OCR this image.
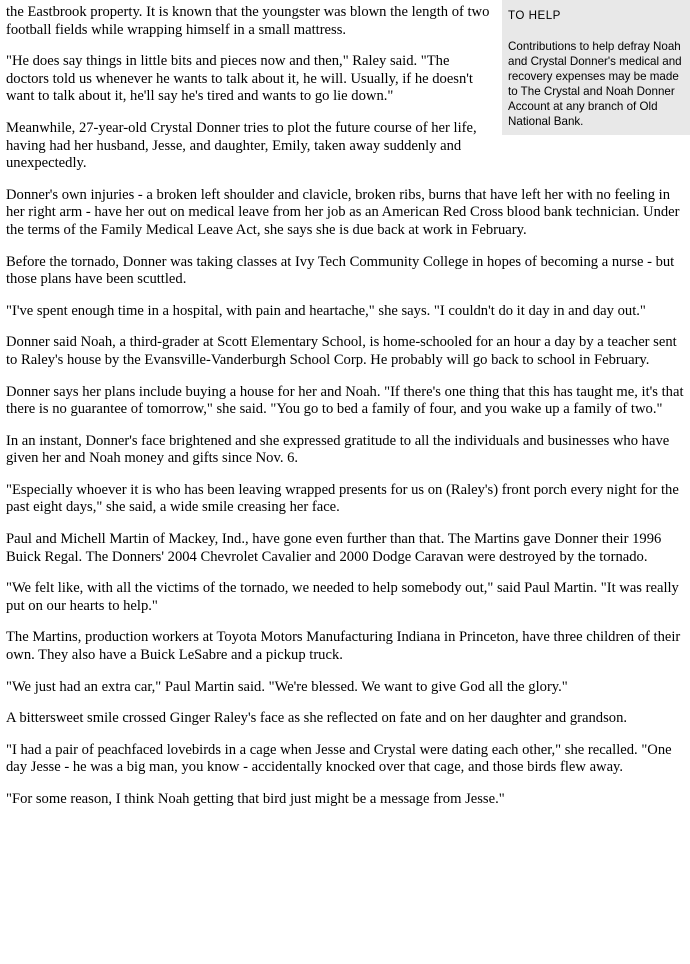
TO HELP
Contributions to help defray Noah and Crystal Donner's medical and recovery expenses may be made to The Crystal and Noah Donner Account at any branch of Old National Bank.

the Eastbrook property. It is known that the youngster was blown the length of two football fields while wrapping himself in a small mattress.

"He does say things in little bits and pieces now and then," Raley said. "The doctors told us whenever he wants to talk about it, he will. Usually, if he doesn't want to talk about it, he'll say he's tired and wants to go lie down."

Meanwhile, 27-year-old Crystal Donner tries to plot the future course of her life, having had her husband, Jesse, and daughter, Emily, taken away suddenly and unexpectedly.

Donner's own injuries - a broken left shoulder and clavicle, broken ribs, burns that have left her with no feeling in her right arm - have her out on medical leave from her job as an American Red Cross blood bank technician. Under the terms of the Family Medical Leave Act, she says she is due back at work in February.

Before the tornado, Donner was taking classes at Ivy Tech Community College in hopes of becoming a nurse - but those plans have been scuttled.

"I've spent enough time in a hospital, with pain and heartache," she says. "I couldn't do it day in and day out."

Donner said Noah, a third-grader at Scott Elementary School, is home-schooled for an hour a day by a teacher sent to Raley's house by the Evansville-Vanderburgh School Corp. He probably will go back to school in February.

Donner says her plans include buying a house for her and Noah. "If there's one thing that this has taught me, it's that there is no guarantee of tomorrow," she said. "You go to bed a family of four, and you wake up a family of two."

In an instant, Donner's face brightened and she expressed gratitude to all the individuals and businesses who have given her and Noah money and gifts since Nov. 6.

"Especially whoever it is who has been leaving wrapped presents for us on (Raley's) front porch every night for the past eight days," she said, a wide smile creasing her face.

Paul and Michell Martin of Mackey, Ind., have gone even further than that. The Martins gave Donner their 1996 Buick Regal. The Donners' 2004 Chevrolet Cavalier and 2000 Dodge Caravan were destroyed by the tornado.

"We felt like, with all the victims of the tornado, we needed to help somebody out," said Paul Martin. "It was really put on our hearts to help."

The Martins, production workers at Toyota Motors Manufacturing Indiana in Princeton, have three children of their own. They also have a Buick LeSabre and a pickup truck.

"We just had an extra car," Paul Martin said. "We're blessed. We want to give God all the glory."

A bittersweet smile crossed Ginger Raley's face as she reflected on fate and on her daughter and grandson.

"I had a pair of peachfaced lovebirds in a cage when Jesse and Crystal were dating each other," she recalled. "One day Jesse - he was a big man, you know - accidentally knocked over that cage, and those birds flew away.

"For some reason, I think Noah getting that bird just might be a message from Jesse."
